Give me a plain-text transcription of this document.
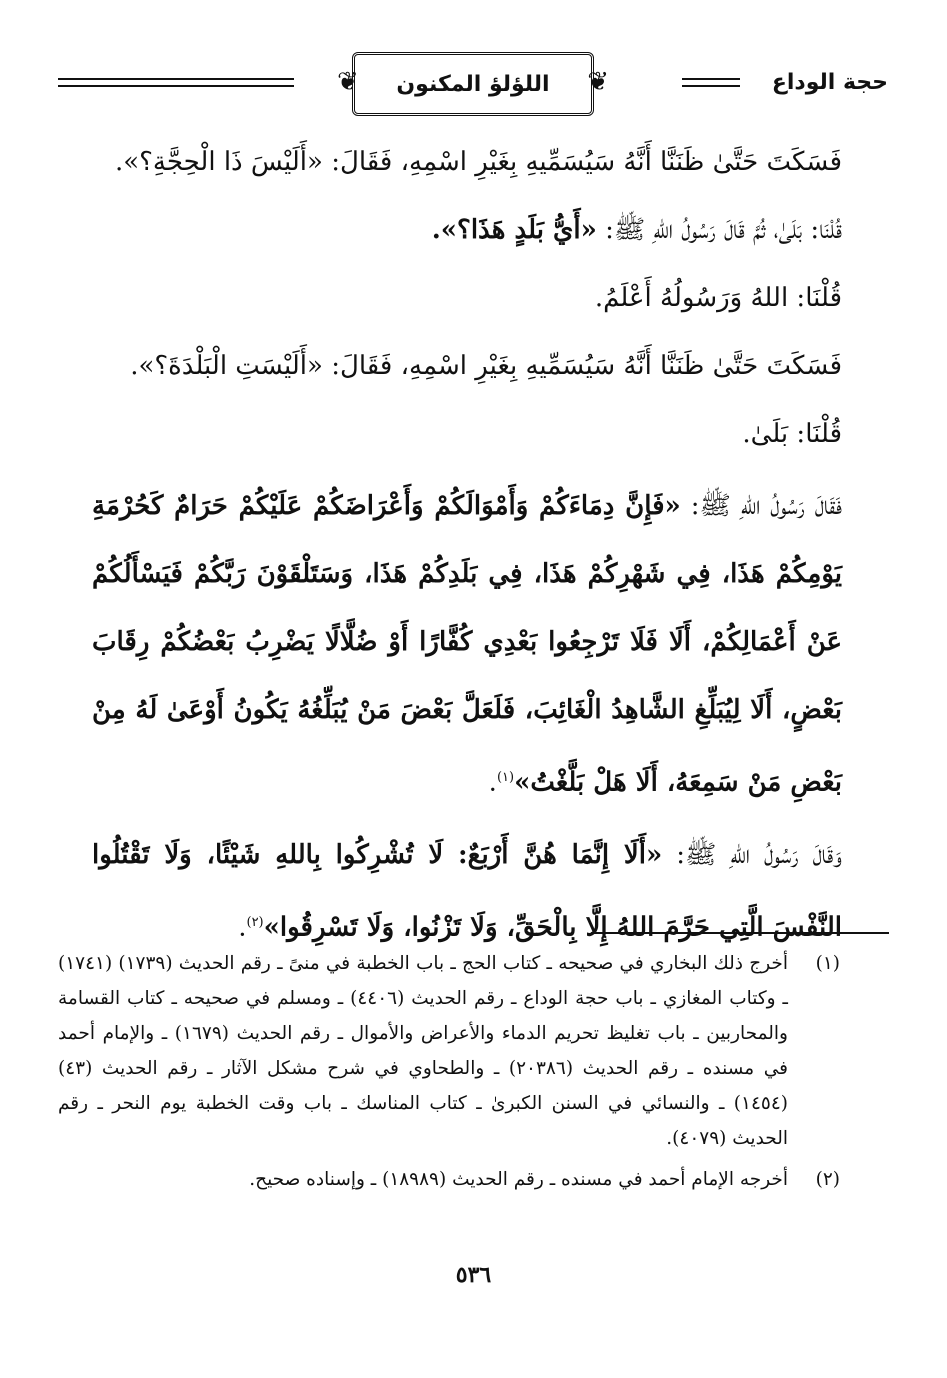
حجة الوداع
❦
اللؤلؤ المكنون
❦

فَسَكَتَ حَتَّىٰ ظَنَنَّا أَنَّهُ سَيُسَمِّيهِ بِغَيْرِ اسْمِهِ، فَقَالَ: «أَلَيْسَ ذَا الْحِجَّةِ؟».

قُلْنَا: بَلَىٰ، ثُمَّ قَالَ رَسُولُ اللهِ ﷺ: «أَيُّ بَلَدٍ هَذَا؟».

قُلْنَا: اللهُ وَرَسُولُهُ أَعْلَمُ.

فَسَكَتَ حَتَّىٰ ظَنَنَّا أَنَّهُ سَيُسَمِّيهِ بِغَيْرِ اسْمِهِ، فَقَالَ: «أَلَيْسَتِ الْبَلْدَةَ؟».

قُلْنَا: بَلَىٰ.

فَقَالَ رَسُولُ اللهِ ﷺ: «فَإِنَّ دِمَاءَكُمْ وَأَمْوَالَكُمْ وَأَعْرَاضَكُمْ عَلَيْكُمْ حَرَامٌ كَحُرْمَةِ يَوْمِكُمْ هَذَا، فِي شَهْرِكُمْ هَذَا، فِي بَلَدِكُمْ هَذَا، وَسَتَلْقَوْنَ رَبَّكُمْ فَيَسْأَلُكُمْ عَنْ أَعْمَالِكُمْ، أَلَا فَلَا تَرْجِعُوا بَعْدِي كُفَّارًا أَوْ ضُلَّالًا يَضْرِبُ بَعْضُكُمْ رِقَابَ بَعْضٍ، أَلَا لِيُبَلِّغِ الشَّاهِدُ الْغَائِبَ، فَلَعَلَّ بَعْضَ مَنْ يُبَلِّغُهُ يَكُونُ أَوْعَىٰ لَهُ مِنْ بَعْضِ مَنْ سَمِعَهُ، أَلَا هَلْ بَلَّغْتُ»$^{(١)}$.

وَقَالَ رَسُولُ اللهِ ﷺ: «أَلَا إِنَّمَا هُنَّ أَرْبَعٌ: لَا تُشْرِكُوا بِاللهِ شَيْئًا، وَلَا تَقْتُلُوا النَّفْسَ الَّتِي حَرَّمَ اللهُ إِلَّا بِالْحَقِّ، وَلَا تَزْنُوا، وَلَا تَسْرِقُوا»$^{(٢)}$.

(١)
أخرج ذلك البخاري في صحيحه ـ كتاب الحج ـ باب الخطبة في منىً ـ رقم الحديث (١٧٣٩) (١٧٤١) ـ وكتاب المغازي ـ باب حجة الوداع ـ رقم الحديث (٤٤٠٦) ـ ومسلم في صحيحه ـ كتاب القسامة والمحاربين ـ باب تغليظ تحريم الدماء والأعراض والأموال ـ رقم الحديث (١٦٧٩) ـ والإمام أحمد في مسنده ـ رقم الحديث (٢٠٣٨٦) ـ والطحاوي في شرح مشكل الآثار ـ رقم الحديث (٤٣) (١٤٥٤) ـ والنسائي في السنن الكبرىٰ ـ كتاب المناسك ـ باب وقت الخطبة يوم النحر ـ رقم الحديث (٤٠٧٩).
(٢)
أخرجه الإمام أحمد في مسنده ـ رقم الحديث (١٨٩٨٩) ـ وإسناده صحيح.
٥٣٦
